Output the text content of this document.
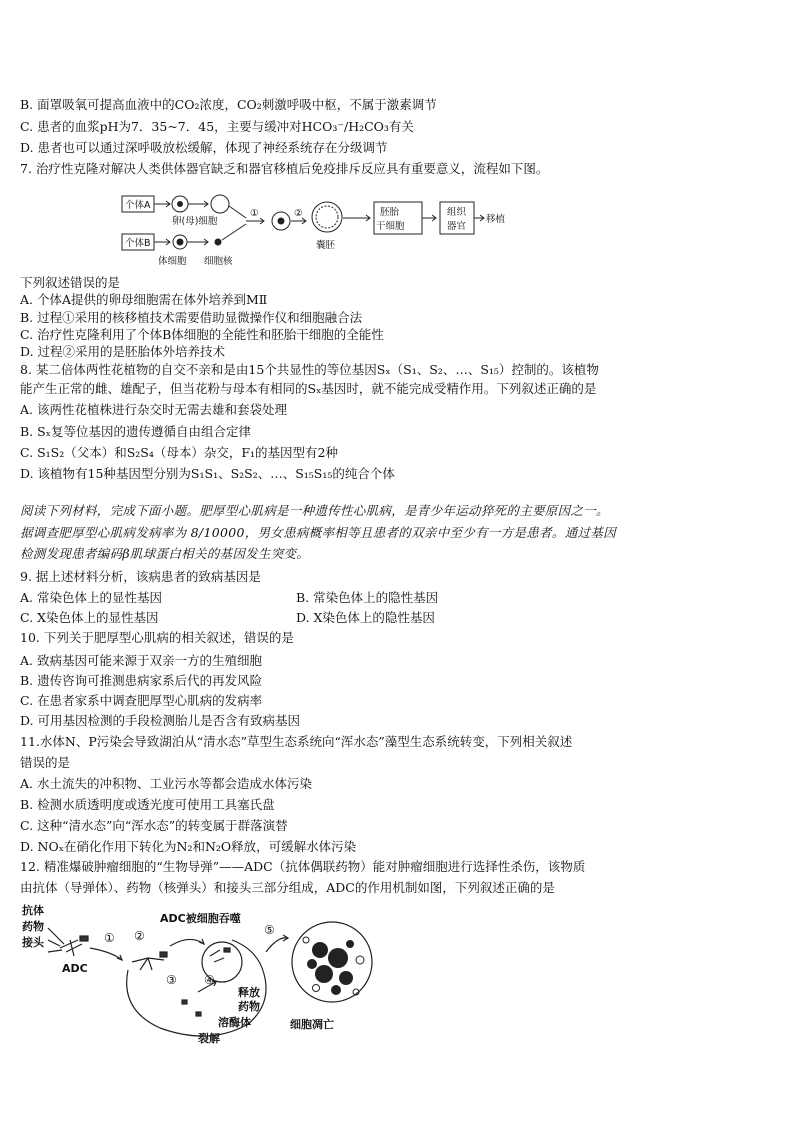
B. 面罩吸氧可提高血液中的CO₂浓度，CO₂刺激呼吸中枢，不属于激素调节
C. 患者的血浆pH为7．35~7．45，主要与缓冲对HCO₃⁻/H₂CO₃有关
D. 患者也可以通过深呼吸放松缓解，体现了神经系统存在分级调节
7. 治疗性克隆对解决人类供体器官缺乏和器官移植后免疫排斥反应具有重要意义，流程如下图。
个体A
个体B
卵(母)细胞
体细胞 细胞核
①	②
囊胚
胚胎
干细胞
组织
器官
移植
下列叙述错误的是
A. 个体A提供的卵母细胞需在体外培养到MⅡ
B. 过程①采用的核移植技术需要借助显微操作仪和细胞融合法
C. 治疗性克隆利用了个体B体细胞的全能性和胚胎干细胞的全能性
D. 过程②采用的是胚胎体外培养技术
8. 某二倍体两性花植物的自交不亲和是由15个共显性的等位基因Sₓ（S₁、S₂、…、S₁₅）控制的。该植物
能产生正常的雌、雄配子，但当花粉与母本有相同的Sₓ基因时，就不能完成受精作用。下列叙述正确的是
A. 该两性花植株进行杂交时无需去雄和套袋处理
B. Sₓ复等位基因的遗传遵循自由组合定律
C. S₁S₂（父本）和S₂S₄（母本）杂交，F₁的基因型有2种
D. 该植物有15种基因型分别为S₁S₁、S₂S₂、…、S₁₅S₁₅的纯合个体
阅读下列材料，完成下面小题。肥厚型心肌病是一种遗传性心肌病，是青少年运动猝死的主要原因之一。
据调查肥厚型心肌病发病率为 8/10000，男女患病概率相等且患者的双亲中至少有一方是患者。通过基因
检测发现患者编码β肌球蛋白相关的基因发生突变。
9. 据上述材料分析，该病患者的致病基因是
A. 常染色体上的显性基因	B. 常染色体上的隐性基因
C. X染色体上的显性基因	D. X染色体上的隐性基因
10. 下列关于肥厚型心肌病的相关叙述，错误的是
A. 致病基因可能来源于双亲一方的生殖细胞
B. 遗传咨询可推测患病家系后代的再发风险
C. 在患者家系中调查肥厚型心肌病的发病率
D. 可用基因检测的手段检测胎儿是否含有致病基因
11.水体N、P污染会导致湖泊从“清水态”草型生态系统向“浑水态”藻型生态系统转变，下列相关叙述
错误的是
A. 水土流失的冲积物、工业污水等都会造成水体污染
B. 检测水质透明度或透光度可使用工具塞氏盘
C. 这种“清水态”向“浑水态”的转变属于群落演替
D. NOₓ在硝化作用下转化为N₂和N₂O释放，可缓解水体污染
12. 精准爆破肿瘤细胞的“生物导弹”——ADC（抗体偶联药物）能对肿瘤细胞进行选择性杀伤，该物质
由抗体（导弹体）、药物（核弹头）和接头三部分组成，ADC的作用机制如图，下列叙述正确的是
抗体
药物
接头
ADC
ADC被细胞吞噬
释放
药物
溶酶体
裂解
细胞凋亡
① ②
③ ④
⑤
